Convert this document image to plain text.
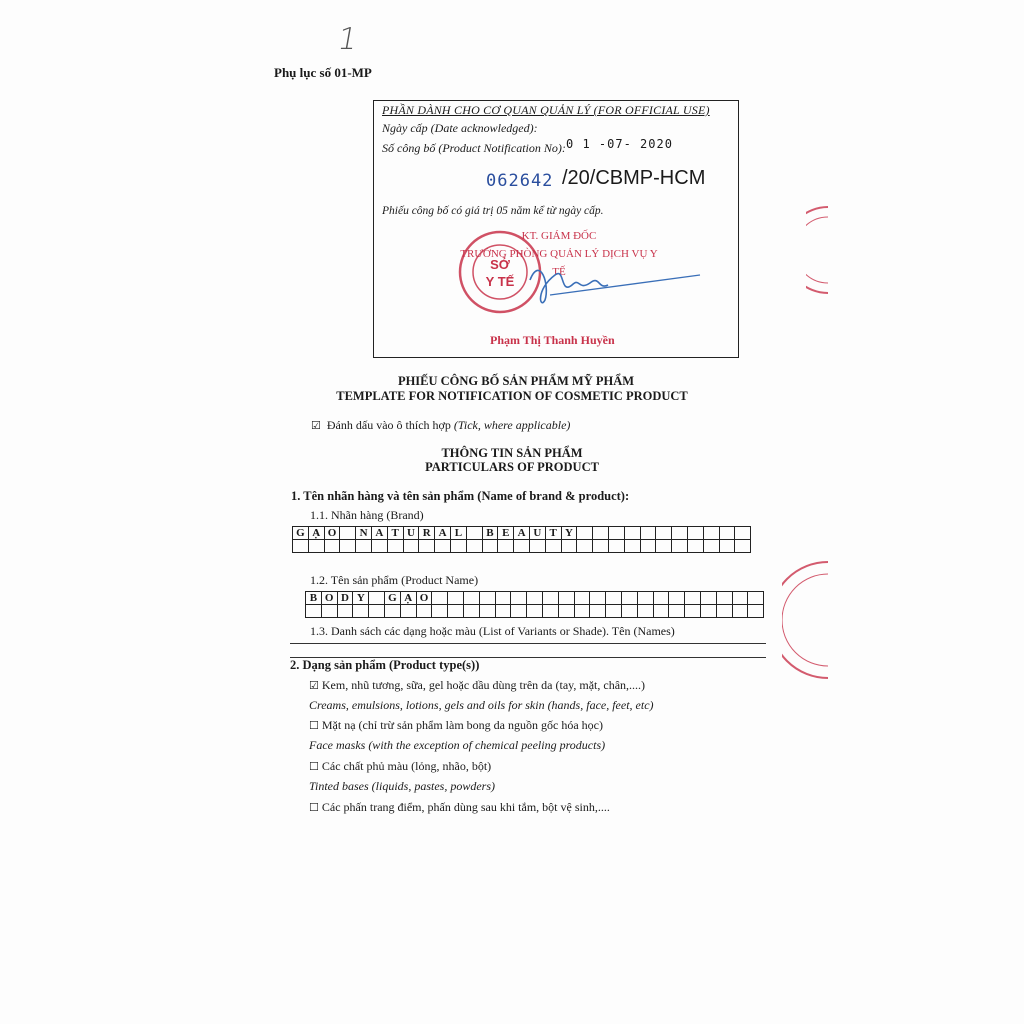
1
Phụ lục số 01-MP
PHẦN DÀNH CHO CƠ QUAN QUẢN LÝ (FOR OFFICIAL USE)
Ngày cấp (Date acknowledged):
Số công bố (Product Notification No): 0 1 -07- 2020
062642 /20/CBMP-HCM
Phiếu công bố có giá trị 05 năm kể từ ngày cấp.
KT. GIÁM ĐỐC
TRƯỞNG PHÒNG QUẢN LÝ DỊCH VỤ Y TẾ
Phạm Thị Thanh Huyền
SỞ
Y TẾ
PHIẾU CÔNG BỐ SẢN PHẨM MỸ PHẨM
TEMPLATE FOR NOTIFICATION OF COSMETIC PRODUCT
☑ Đánh dấu vào ô thích hợp (Tick, where applicable)
THÔNG TIN SẢN PHẨM
PARTICULARS OF PRODUCT
1. Tên nhãn hàng và tên sản phẩm (Name of brand & product):
1.1. Nhãn hàng (Brand)
G	Ạ	O		N	A	T	U	R	A	L		B	E	A	U	T	Y											

1.2. Tên sản phẩm (Product Name)
B	O	D	Y		G	Ạ	O																					

1.3. Danh sách các dạng hoặc màu (List of Variants or Shade). Tên (Names)
2. Dạng sản phẩm (Product type(s))
☑ Kem, nhũ tương, sữa, gel hoặc dầu dùng trên da (tay, mặt, chân,....)
Creams, emulsions, lotions, gels and oils for skin (hands, face, feet, etc)
☐ Mặt nạ (chỉ trừ sản phẩm làm bong da nguồn gốc hóa học)
Face masks (with the exception of chemical peeling products)
☐ Các chất phủ màu (lỏng, nhão, bột)
Tinted bases (liquids, pastes, powders)
☐ Các phấn trang điểm, phấn dùng sau khi tắm, bột vệ sinh,....
